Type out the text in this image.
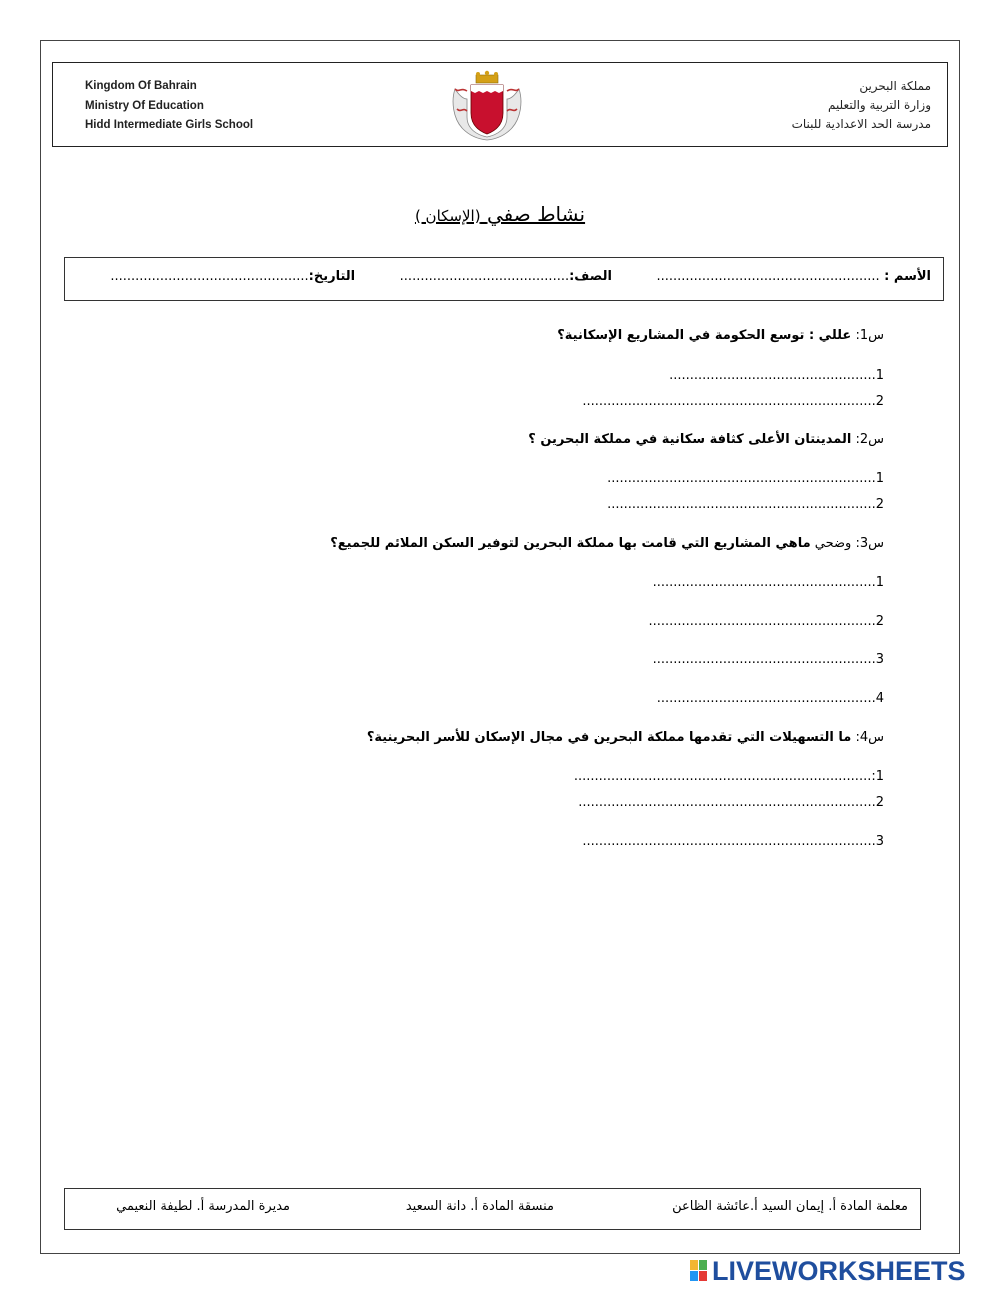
Kingdom Of Bahrain
Ministry Of Education
Hidd Intermediate Girls School
مملكة البحرين
وزارة التربية والتعليم
مدرسة الحد الاعدادية للبنات
نشاط صفي (الإسكان )
الأسم : ...................................................... الصف:......................................... التاريخ:................................................
س1: عللي : توسع الحكومة في المشاريع الإسكانية؟
..................................................1
.......................................................................2
س2: المدينتان الأعلى كثافة سكانية في مملكة البحرين ؟
.................................................................1
.................................................................2
س3: وضحي ماهي المشاريع التي قامت بها مملكة البحرين لتوفير السكن الملائم للجميع؟
......................................................1
.......................................................2
......................................................3
.....................................................4
س4: ما التسهيلات التي تقدمها مملكة البحرين في مجال الإسكان للأسر البحرينية؟
........................................................................:1
........................................................................2
.......................................................................3
معلمة المادة أ. إيمان السيد أ.عائشة الظاعن
منسقة المادة أ. دانة السعيد
مديرة المدرسة أ. لطيفة النعيمي
LIVEWORKSHEETS
